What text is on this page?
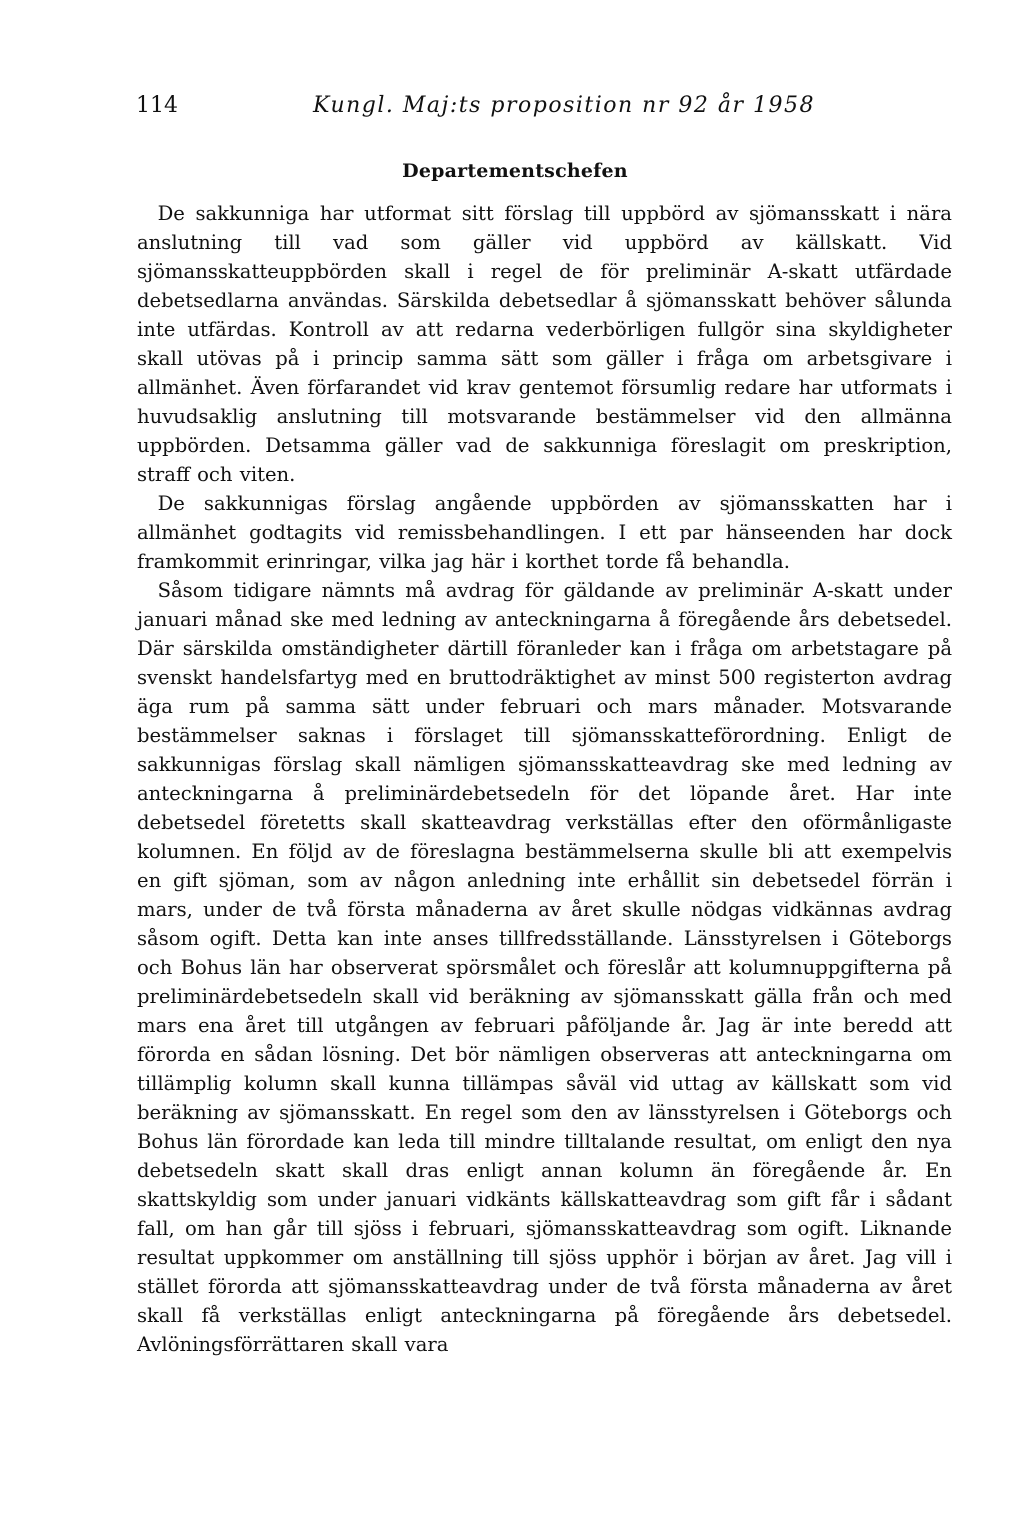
114	Kungl. Maj:ts proposition nr 92 år 1958
Departementschefen

De sakkunniga har utformat sitt förslag till uppbörd av sjömansskatt i nära anslutning till vad som gäller vid uppbörd av källskatt. Vid sjömansskatteuppbörden skall i regel de för preliminär A-skatt utfärdade debetsedlarna användas. Särskilda debetsedlar å sjömansskatt behöver sålunda inte utfärdas. Kontroll av att redarna vederbörligen fullgör sina skyldigheter skall utövas på i princip samma sätt som gäller i fråga om arbetsgivare i allmänhet. Även förfarandet vid krav gentemot försumlig redare har utformats i huvudsaklig anslutning till motsvarande bestämmelser vid den allmänna uppbörden. Detsamma gäller vad de sakkunniga föreslagit om preskription, straff och viten.

De sakkunnigas förslag angående uppbörden av sjömansskatten har i allmänhet godtagits vid remissbehandlingen. I ett par hänseenden har dock framkommit erinringar, vilka jag här i korthet torde få behandla.

Såsom tidigare nämnts må avdrag för gäldande av preliminär A-skatt under januari månad ske med ledning av anteckningarna å föregående års debetsedel. Där särskilda omständigheter därtill föranleder kan i fråga om arbetstagare på svenskt handelsfartyg med en bruttodräktighet av minst 500 registerton avdrag äga rum på samma sätt under februari och mars månader. Motsvarande bestämmelser saknas i förslaget till sjömansskatteförordning. Enligt de sakkunnigas förslag skall nämligen sjömansskatteavdrag ske med ledning av anteckningarna å preliminärdebetsedeln för det löpande året. Har inte debetsedel företetts skall skatteavdrag verkställas efter den oförmånligaste kolumnen. En följd av de föreslagna bestämmelserna skulle bli att exempelvis en gift sjöman, som av någon anledning inte erhållit sin debetsedel förrän i mars, under de två första månaderna av året skulle nödgas vidkännas avdrag såsom ogift. Detta kan inte anses tillfredsställande. Länsstyrelsen i Göteborgs och Bohus län har observerat spörsmålet och föreslår att kolumnuppgifterna på preliminärdebetsedeln skall vid beräkning av sjömansskatt gälla från och med mars ena året till utgången av februari påföljande år. Jag är inte beredd att förorda en sådan lösning. Det bör nämligen observeras att anteckningarna om tillämplig kolumn skall kunna tillämpas såväl vid uttag av källskatt som vid beräkning av sjömansskatt. En regel som den av länsstyrelsen i Göteborgs och Bohus län förordade kan leda till mindre tilltalande resultat, om enligt den nya debetsedeln skatt skall dras enligt annan kolumn än föregående år. En skattskyldig som under januari vidkänts källskatteavdrag som gift får i sådant fall, om han går till sjöss i februari, sjömansskatteavdrag som ogift. Liknande resultat uppkommer om anställning till sjöss upphör i början av året. Jag vill i stället förorda att sjömansskatteavdrag under de två första månaderna av året skall få verkställas enligt anteckningarna på föregående års debetsedel. Avlöningsförrättaren skall vara
